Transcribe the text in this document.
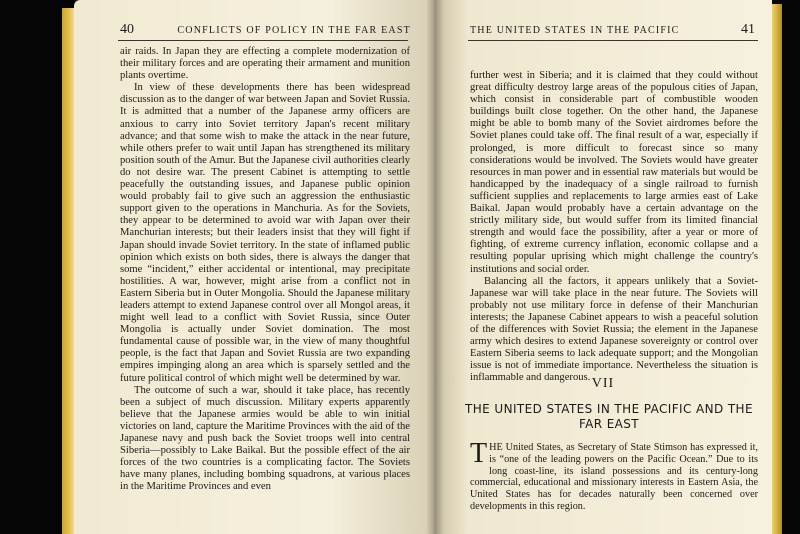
40	CONFLICTS OF POLICY IN THE FAR EAST

air raids. In Japan they are effecting a complete modernization of their military forces and are operating their armament and munition plants overtime.

In view of these developments there has been widespread discussion as to the danger of war between Japan and Soviet Russia. It is admitted that a number of the Japanese army officers are anxious to carry into Soviet territory Japan's recent military advance; and that some wish to make the attack in the near future, while others prefer to wait until Japan has strengthened its military position south of the Amur. But the Japanese civil authorities clearly do not desire war. The present Cabinet is attempting to settle peacefully the outstanding issues, and Japanese public opinion would probably fail to give such an aggression the enthusiastic support given to the operations in Manchuria. As for the Soviets, they appear to be determined to avoid war with Japan over their Manchurian interests; but their leaders insist that they will fight if Japan should invade Soviet territory. In the state of inflamed public opinion which exists on both sides, there is always the danger that some “incident,” either accidental or intentional, may precipitate hostilities. A war, however, might arise from a conflict not in Eastern Siberia but in Outer Mongolia. Should the Japanese military leaders attempt to extend Japanese control over all Mongol areas, it might well lead to a conflict with Soviet Russia, since Outer Mongolia is actually under Soviet domination. The most fundamental cause of possible war, in the view of many thoughtful people, is the fact that Japan and Soviet Russia are two expanding empires impinging along an area which is sparsely settled and the future political control of which might well be determined by war.

The outcome of such a war, should it take place, has recently been a subject of much discussion. Military experts apparently believe that the Japanese armies would be able to win initial victories on land, capture the Maritime Provinces with the aid of the Japanese navy and push back the Soviet troops well into central Siberia—possibly to Lake Baikal. But the possible effect of the air forces of the two countries is a complicating factor. The Soviets have many planes, including bombing squadrons, at various places in the Maritime Provinces and even

THE UNITED STATES IN THE PACIFIC	41

further west in Siberia; and it is claimed that they could without great difficulty destroy large areas of the populous cities of Japan, which consist in considerable part of combustible wooden buildings built close together. On the other hand, the Japanese might be able to bomb many of the Soviet airdromes before the Soviet planes could take off. The final result of a war, especially if prolonged, is more difficult to forecast since so many considerations would be involved. The Soviets would have greater resources in man power and in essential raw materials but would be handicapped by the inadequacy of a single railroad to furnish sufficient supplies and replacements to large armies east of Lake Baikal. Japan would probably have a certain advantage on the strictly military side, but would suffer from its limited financial strength and would face the possibility, after a year or more of fighting, of extreme currency inflation, economic collapse and a resulting popular uprising which might challenge the country's institutions and social order.

Balancing all the factors, it appears unlikely that a Soviet-Japanese war will take place in the near future. The Soviets will probably not use military force in defense of their Manchurian interests; the Japanese Cabinet appears to wish a peaceful solution of the differences with Soviet Russia; the element in the Japanese army which desires to extend Japanese sovereignty or control over Eastern Siberia seems to lack adequate support; and the Mongolian issue is not of immediate importance. Nevertheless the situation is inflammable and dangerous. VII
THE UNITED STATES IN THE PACIFIC AND THE FAR EAST

THE United States, as Secretary of State Stimson has expressed it, is “one of the leading powers on the Pacific Ocean.” Due to its long coast-line, its island possessions and its century-long commercial, educational and missionary interests in Eastern Asia, the United States has for decades naturally been concerned over developments in this region.
